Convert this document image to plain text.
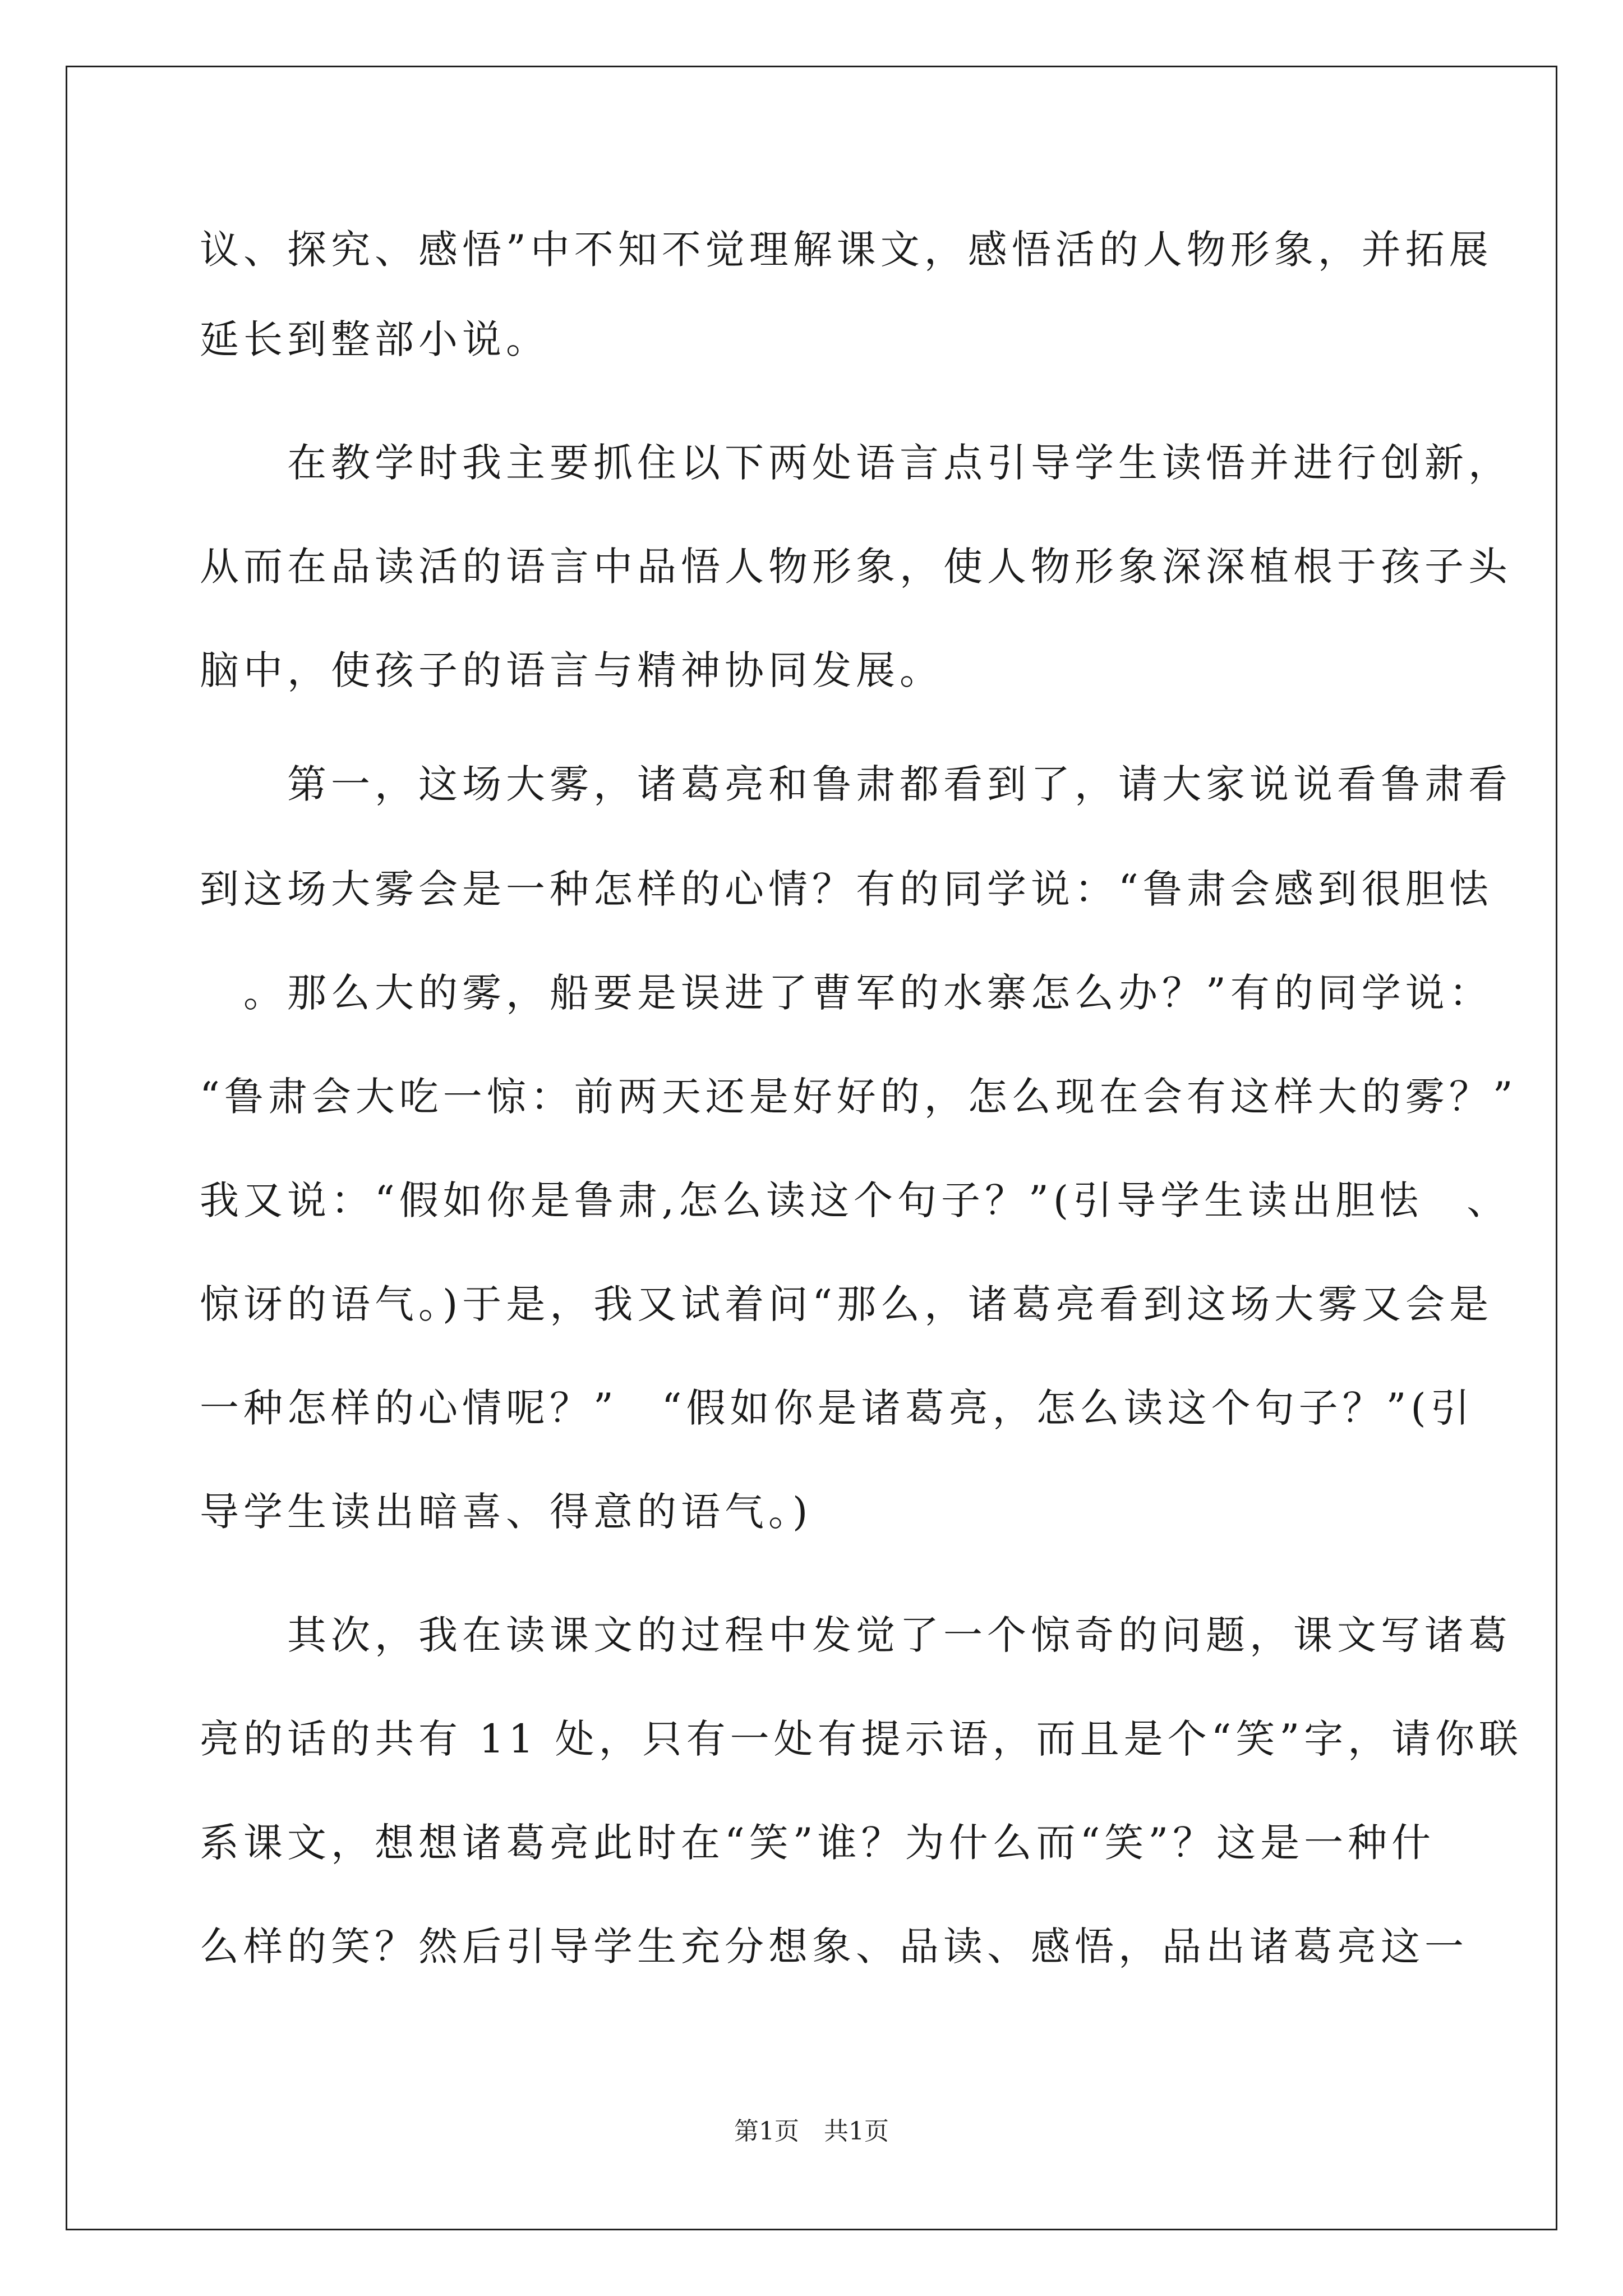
议、探究、感悟”中不知不觉理解课文，感悟活的人物形象，并拓展
延长到整部小说。
　　在教学时我主要抓住以下两处语言点引导学生读悟并进行创新，
从而在品读活的语言中品悟人物形象，使人物形象深深植根于孩子头
脑中，使孩子的语言与精神协同发展。
　　第一，这场大雾，诸葛亮和鲁肃都看到了，请大家说说看鲁肃看
到这场大雾会是一种怎样的心情？有的同学说：“鲁肃会感到很胆怯
　。那么大的雾，船要是误进了曹军的水寨怎么办？”有的同学说：
“鲁肃会大吃一惊：前两天还是好好的，怎么现在会有这样大的雾？”
我又说：“假如你是鲁肃,怎么读这个句子？”(引导学生读出胆怯　、
惊讶的语气。)于是，我又试着问“那么，诸葛亮看到这场大雾又会是
一种怎样的心情呢？”　“假如你是诸葛亮，怎么读这个句子？”(引
导学生读出暗喜、得意的语气。)
　　其次，我在读课文的过程中发觉了一个惊奇的问题，课文写诸葛
亮的话的共有 11 处，只有一处有提示语，而且是个“笑”字，请你联
系课文，想想诸葛亮此时在“笑”谁？为什么而“笑”？这是一种什
么样的笑？然后引导学生充分想象、品读、感悟，品出诸葛亮这一
第1页　共1页
